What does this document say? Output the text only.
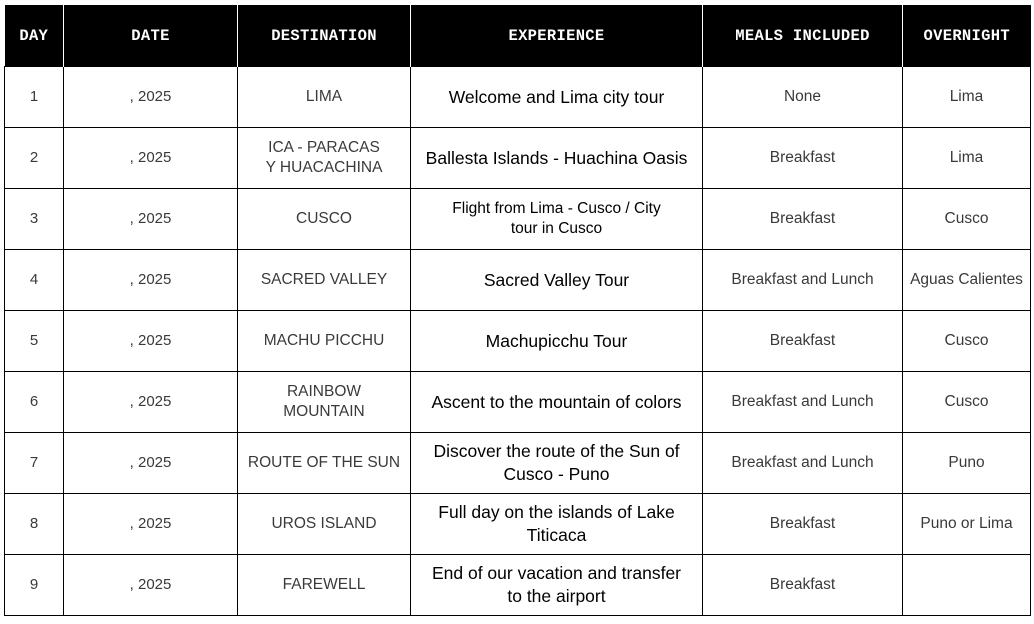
DAY	DATE	DESTINATION	EXPERIENCE	MEALS INCLUDED	OVERNIGHT
1	, 2025	LIMA	Welcome and Lima city tour	None	Lima
2	, 2025	ICA - PARACAS
Y HUACACHINA	Ballesta Islands - Huachina Oasis	Breakfast	Lima
3	, 2025	CUSCO	Flight from Lima - Cusco / City
tour in Cusco	Breakfast	Cusco
4	, 2025	SACRED VALLEY	Sacred Valley Tour	Breakfast and Lunch	Aguas Calientes
5	, 2025	MACHU PICCHU	Machupicchu Tour	Breakfast	Cusco
6	, 2025	RAINBOW
MOUNTAIN	Ascent to the mountain of colors	Breakfast and Lunch	Cusco
7	, 2025	ROUTE OF THE SUN	Discover the route of the Sun of
Cusco - Puno	Breakfast and Lunch	Puno
8	, 2025	UROS ISLAND	Full day on the islands of Lake Titicaca	Breakfast	Puno or Lima
9	, 2025	FAREWELL	End of our vacation and transfer
to the airport	Breakfast	
